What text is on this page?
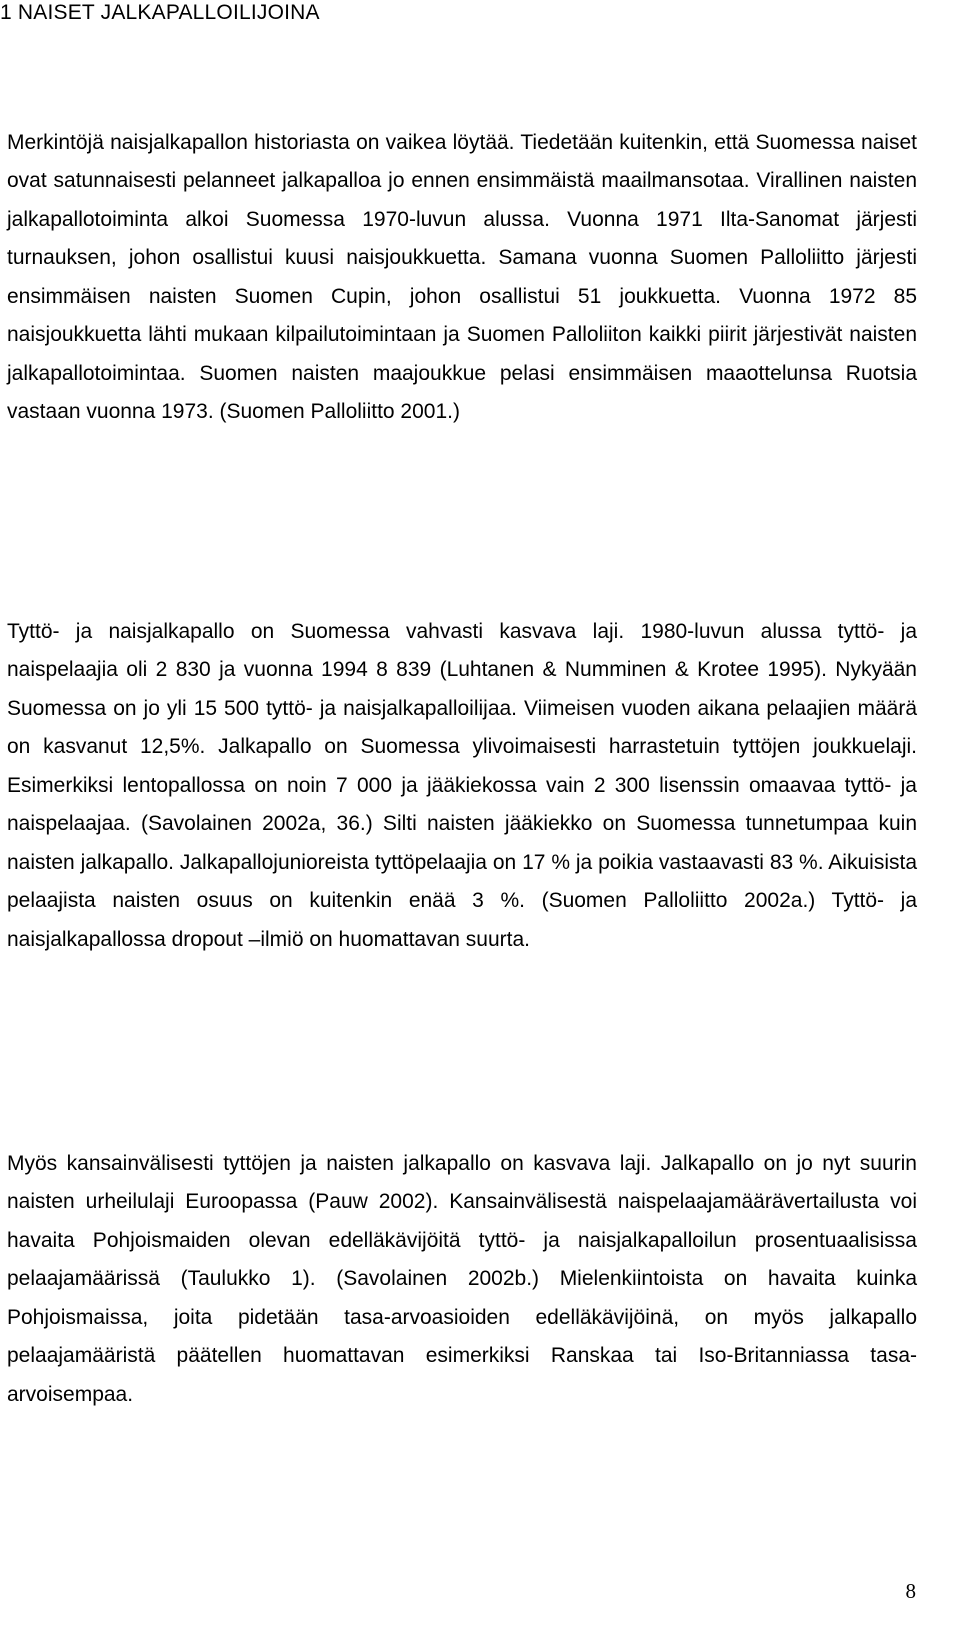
1 NAISET JALKAPALLOILIJOINA

Merkintöjä naisjalkapallon historiasta on vaikea löytää. Tiedetään kuitenkin, että Suomessa naiset ovat satunnaisesti pelanneet jalkapalloa jo ennen ensimmäistä maailmansotaa. Virallinen naisten jalkapallotoiminta alkoi Suomessa 1970-luvun alussa. Vuonna 1971 Ilta-Sanomat järjesti turnauksen, johon osallistui kuusi naisjoukkuetta. Samana vuonna Suomen Palloliitto järjesti ensimmäisen naisten Suomen Cupin, johon osallistui 51 joukkuetta. Vuonna 1972 85 naisjoukkuetta lähti mukaan kilpailutoimintaan ja Suomen Palloliiton kaikki piirit järjestivät naisten jalkapallotoimintaa. Suomen naisten maajoukkue pelasi ensimmäisen maaottelunsa Ruotsia vastaan vuonna 1973. (Suomen Palloliitto 2001.)

Tyttö- ja naisjalkapallo on Suomessa vahvasti kasvava laji. 1980-luvun alussa tyttö- ja naispelaajia oli 2 830 ja vuonna 1994 8 839 (Luhtanen & Numminen & Krotee 1995). Nykyään Suomessa on jo yli 15 500 tyttö- ja naisjalkapalloilijaa. Viimeisen vuoden aikana pelaajien määrä on kasvanut 12,5%. Jalkapallo on Suomessa ylivoimaisesti harrastetuin tyttöjen joukkuelaji. Esimerkiksi lentopallossa on noin 7 000 ja jääkiekossa vain 2 300 lisenssin omaavaa tyttö- ja naispelaajaa. (Savolainen 2002a, 36.) Silti naisten jääkiekko on Suomessa tunnetumpaa kuin naisten jalkapallo. Jalkapallojunioreista tyttöpelaajia on 17 % ja poikia vastaavasti 83 %. Aikuisista pelaajista naisten osuus on kuitenkin enää 3 %. (Suomen Palloliitto 2002a.) Tyttö- ja naisjalkapallossa dropout –ilmiö on huomattavan suurta.

Myös kansainvälisesti tyttöjen ja naisten jalkapallo on kasvava laji. Jalkapallo on jo nyt suurin naisten urheilulaji Euroopassa (Pauw 2002). Kansainvälisestä naispelaajamäärävertailusta voi havaita Pohjoismaiden olevan edelläkävijöitä tyttö- ja naisjalkapalloilun prosentuaalisissa pelaajamäärissä (Taulukko 1). (Savolainen 2002b.) Mielenkiintoista on havaita kuinka Pohjoismaissa, joita pidetään tasa-arvoasioiden edelläkävijöinä, on myös jalkapallo pelaajamääristä päätellen huomattavan esimerkiksi Ranskaa tai Iso-Britanniassa tasa-arvoisempaa.

8
